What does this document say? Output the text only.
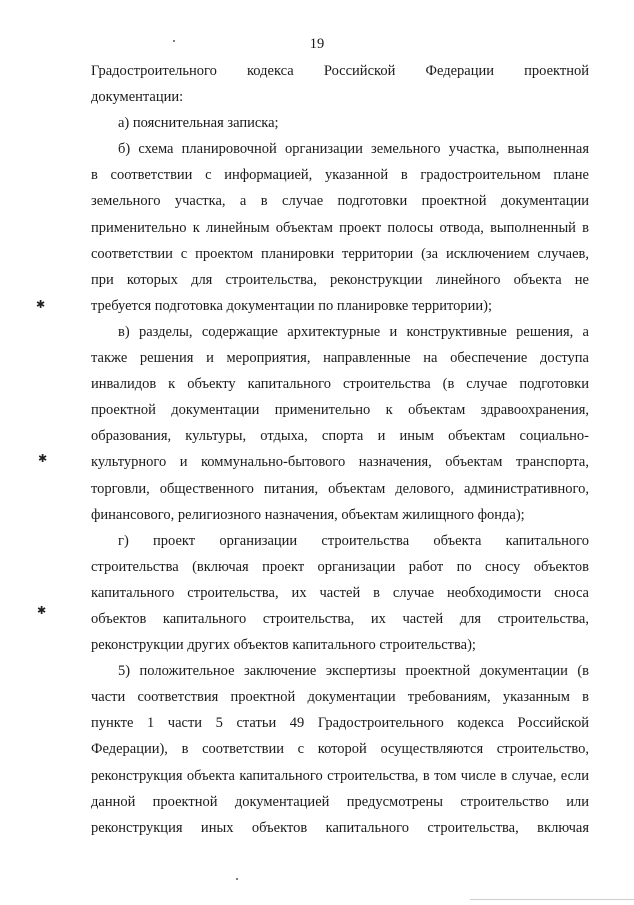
19
Градостроительного кодекса Российской Федерации проектной
документации:
а) пояснительная записка;
б) схема планировочной организации земельного участка, выполненная
в соответствии с информацией, указанной в градостроительном плане
земельного участка, а в случае подготовки проектной документации
применительно к линейным объектам проект полосы отвода, выполненный в
соответствии с проектом планировки территории (за исключением случаев,
при которых для строительства, реконструкции линейного объекта не
требуется подготовка документации по планировке территории);
в) разделы, содержащие архитектурные и конструктивные решения, а
также решения и мероприятия, направленные на обеспечение доступа
инвалидов к объекту капитального строительства (в случае подготовки
проектной документации применительно к объектам здравоохранения,
образования, культуры, отдыха, спорта и иным объектам социально-
культурного и коммунально-бытового назначения, объектам транспорта,
торговли, общественного питания, объектам делового, административного,
финансового, религиозного назначения, объектам жилищного фонда);
г) проект организации строительства объекта капитального
строительства (включая проект организации работ по сносу объектов
капитального строительства, их частей в случае необходимости сноса
объектов капитального строительства, их частей для строительства,
реконструкции других объектов капитального строительства);
5) положительное заключение экспертизы проектной документации (в
части соответствия проектной документации требованиям, указанным в
пункте 1 части 5 статьи 49 Градостроительного кодекса Российской
Федерации), в соответствии с которой осуществляются строительство,
реконструкция объекта капитального строительства, в том числе в случае, если
данной проектной документацией предусмотрены строительство или
реконструкция иных объектов капитального строительства, включая
✱
✱
✱
